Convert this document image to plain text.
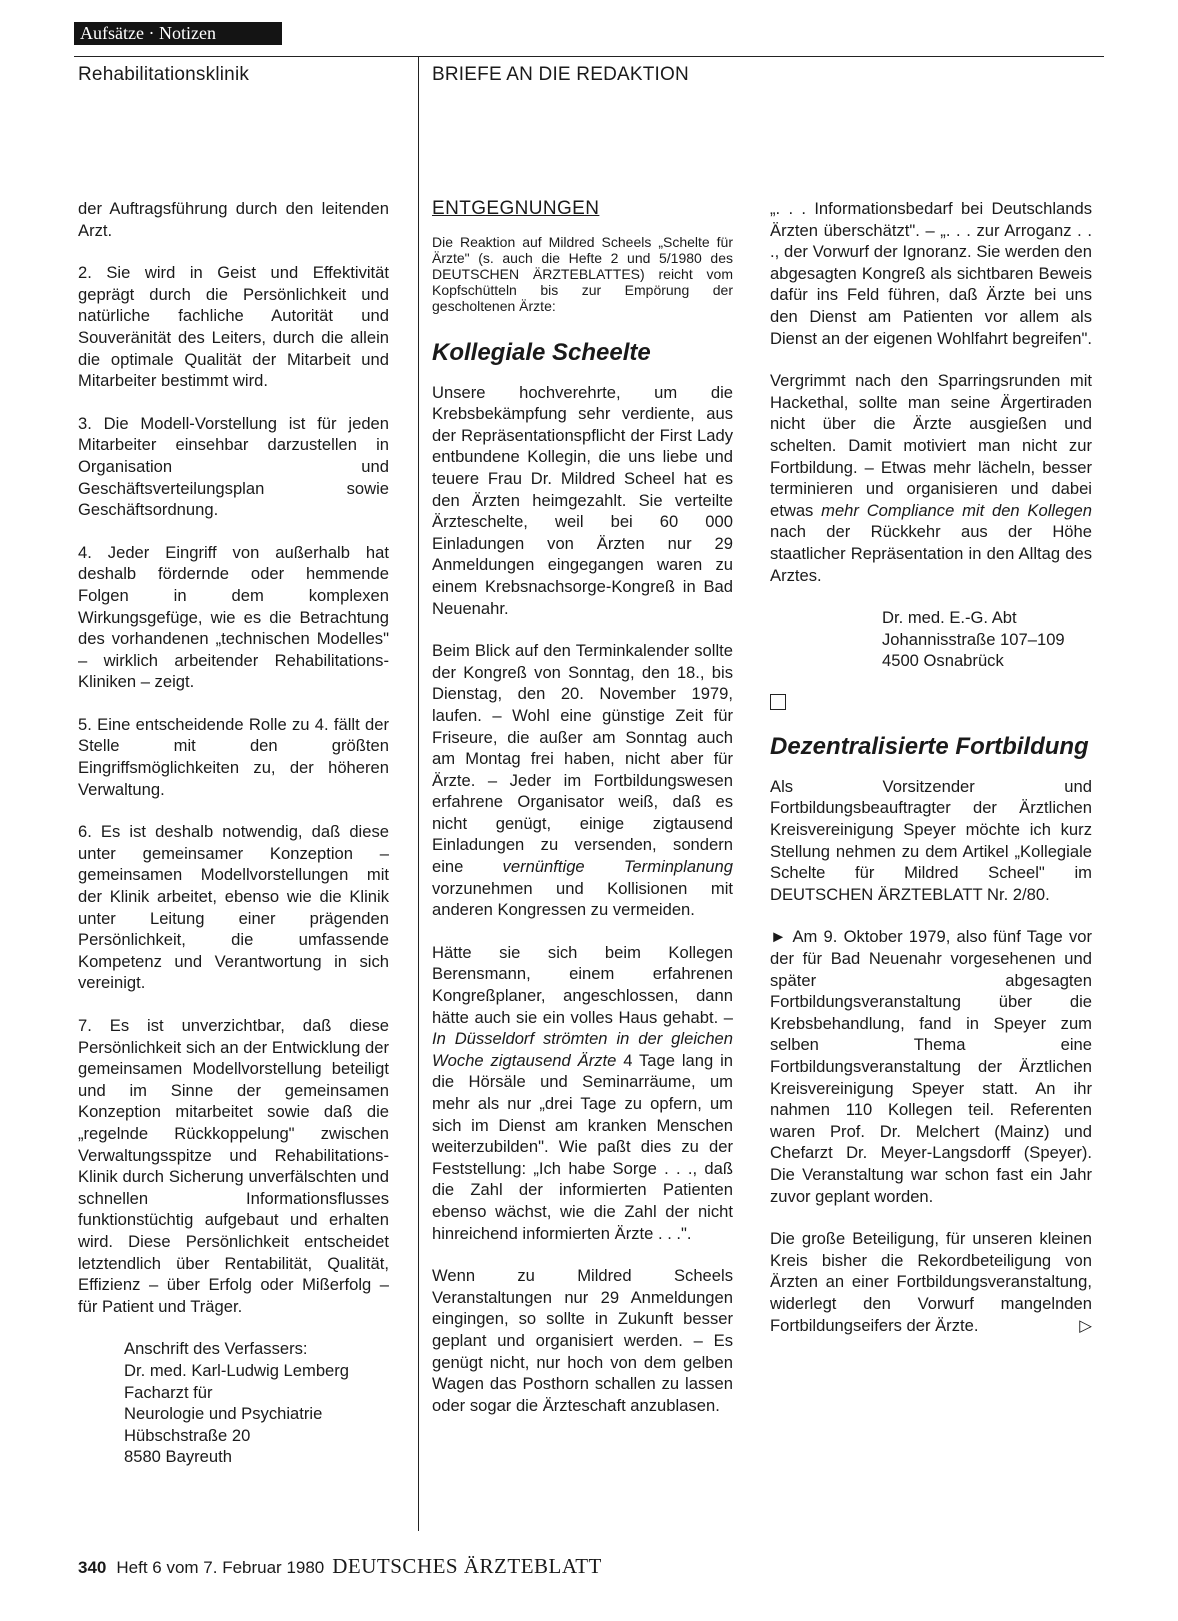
Aufsätze · Notizen
Rehabilitationsklinik	BRIEFE AN DIE REDAKTION

der Auftragsführung durch den leitenden Arzt.

2. Sie wird in Geist und Effektivität geprägt durch die Persönlichkeit und natürliche fachliche Autorität und Souveränität des Leiters, durch die allein die optimale Qualität der Mitarbeit und Mitarbeiter bestimmt wird.

3. Die Modell-Vorstellung ist für jeden Mitarbeiter einsehbar darzustellen in Organisation und Geschäftsverteilungsplan sowie Geschäftsordnung.

4. Jeder Eingriff von außerhalb hat deshalb fördernde oder hemmende Folgen in dem komplexen Wirkungsgefüge, wie es die Betrachtung des vorhandenen „technischen Modelles" – wirklich arbeitender Rehabilitations-Kliniken – zeigt.

5. Eine entscheidende Rolle zu 4. fällt der Stelle mit den größten Eingriffsmöglichkeiten zu, der höheren Verwaltung.

6. Es ist deshalb notwendig, daß diese unter gemeinsamer Konzeption – gemeinsamen Modellvorstellungen mit der Klinik arbeitet, ebenso wie die Klinik unter Leitung einer prägenden Persönlichkeit, die umfassende Kompetenz und Verantwortung in sich vereinigt.

7. Es ist unverzichtbar, daß diese Persönlichkeit sich an der Entwicklung der gemeinsamen Modellvorstellung beteiligt und im Sinne der gemeinsamen Konzeption mitarbeitet sowie daß die „regelnde Rückkoppelung" zwischen Verwaltungsspitze und Rehabilitations-Klinik durch Sicherung unverfälschten und schnellen Informationsflusses funktionstüchtig aufgebaut und erhalten wird. Diese Persönlichkeit entscheidet letztendlich über Rentabilität, Qualität, Effizienz – über Erfolg oder Mißerfolg – für Patient und Träger.

Anschrift des Verfassers:
Dr. med. Karl-Ludwig Lemberg
Facharzt für
Neurologie und Psychiatrie
Hübschstraße 20
8580 Bayreuth
ENTGEGNUNGEN
Die Reaktion auf Mildred Scheels „Schelte für Ärzte" (s. auch die Hefte 2 und 5/1980 des DEUTSCHEN ÄRZTEBLATTES) reicht vom Kopfschütteln bis zur Empörung der gescholtenen Ärzte:
Kollegiale Scheelte

Unsere hochverehrte, um die Krebsbekämpfung sehr verdiente, aus der Repräsentationspflicht der First Lady entbundene Kollegin, die uns liebe und teuere Frau Dr. Mildred Scheel hat es den Ärzten heimgezahlt. Sie verteilte Ärzteschelte, weil bei 60 000 Einladungen von Ärzten nur 29 Anmeldungen eingegangen waren zu einem Krebsnachsorge-Kongreß in Bad Neuenahr.

Beim Blick auf den Terminkalender sollte der Kongreß von Sonntag, den 18., bis Dienstag, den 20. November 1979, laufen. – Wohl eine günstige Zeit für Friseure, die außer am Sonntag auch am Montag frei haben, nicht aber für Ärzte. – Jeder im Fortbildungswesen erfahrene Organisator weiß, daß es nicht genügt, einige zigtausend Einladungen zu versenden, sondern eine vernünftige Terminplanung vorzunehmen und Kollisionen mit anderen Kongressen zu vermeiden.

Hätte sie sich beim Kollegen Berensmann, einem erfahrenen Kongreßplaner, angeschlossen, dann hätte auch sie ein volles Haus gehabt. – In Düsseldorf strömten in der gleichen Woche zigtausend Ärzte 4 Tage lang in die Hörsäle und Seminarräume, um mehr als nur „drei Tage zu opfern, um sich im Dienst am kranken Menschen weiterzubilden". Wie paßt dies zu der Feststellung: „Ich habe Sorge . . ., daß die Zahl der informierten Patienten ebenso wächst, wie die Zahl der nicht hinreichend informierten Ärzte . . .".

Wenn zu Mildred Scheels Veranstaltungen nur 29 Anmeldungen eingingen, so sollte in Zukunft besser geplant und organisiert werden. – Es genügt nicht, nur hoch von dem gelben Wagen das Posthorn schallen zu lassen oder sogar die Ärzteschaft anzublasen.

„. . . Informationsbedarf bei Deutschlands Ärzten überschätzt". – „. . . zur Arroganz . . ., der Vorwurf der Ignoranz. Sie werden den abgesagten Kongreß als sichtbaren Beweis dafür ins Feld führen, daß Ärzte bei uns den Dienst am Patienten vor allem als Dienst an der eigenen Wohlfahrt begreifen".

Vergrimmt nach den Sparringsrunden mit Hackethal, sollte man seine Ärgertiraden nicht über die Ärzte ausgießen und schelten. Damit motiviert man nicht zur Fortbildung. – Etwas mehr lächeln, besser terminieren und organisieren und dabei etwas mehr Compliance mit den Kollegen nach der Rückkehr aus der Höhe staatlicher Repräsentation in den Alltag des Arztes.

Dr. med. E.-G. Abt
Johannisstraße 107–109
4500 Osnabrück
Dezentralisierte Fortbildung

Als Vorsitzender und Fortbildungsbeauftragter der Ärztlichen Kreisvereinigung Speyer möchte ich kurz Stellung nehmen zu dem Artikel „Kollegiale Schelte für Mildred Scheel" im DEUTSCHEN ÄRZTEBLATT Nr. 2/80.

► Am 9. Oktober 1979, also fünf Tage vor der für Bad Neuenahr vorgesehenen und später abgesagten Fortbildungsveranstaltung über die Krebsbehandlung, fand in Speyer zum selben Thema eine Fortbildungsveranstaltung der Ärztlichen Kreisvereinigung Speyer statt. An ihr nahmen 110 Kollegen teil. Referenten waren Prof. Dr. Melchert (Mainz) und Chefarzt Dr. Meyer-Langsdorff (Speyer). Die Veranstaltung war schon fast ein Jahr zuvor geplant worden.

Die große Beteiligung, für unseren kleinen Kreis bisher die Rekordbeteiligung von Ärzten an einer Fortbildungsveranstaltung, widerlegt den Vorwurf mangelnden Fortbildungseifers der Ärzte.	▷

340 Heft 6 vom 7. Februar 1980 DEUTSCHES ÄRZTEBLATT
